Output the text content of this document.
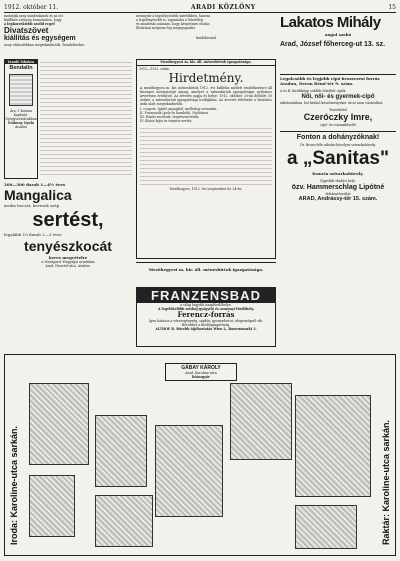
1912. október 11.	ARADI KÖZLÖNY	15
mutatják meg mindenkinek és az ott
kiállított szőnyeg bemutatása, hogy
a legkorrektebb szolid ecgef
Divatszövet
kiállítás és egységem
neuy választékban megtekinthetők. Rendelésekre
mennyisé a legelőnyösebb mértékben, hanem
a legelőnyösebb is, egymásba a lehetőleg
és mindenki számára, hogy kényelmes eladás
Elvárásai mégsem fog megnyugodni.
kiadóhivatal
Lakatos Mihály
angol szabó
Arad, József főherceg-ut 13. sz.
Izzadó lábakra
Bendalin
Ára: 1 korona
Kapható:
Gyógyszertárakban
Fraknoy Gyula
Aradon
200—300 darab 1—4½ éves
Mangalica
áruba bocsát, keresek szép
sertést,
legalább 10 darab 2—3 éves
tenyészkocát
keres megvételre
a Mezőgazd.-Hegyaljai uradalom
Arad, Honvéd-utca, Aradon.
Mezőhegyesi m. kir. áll. ménesbirtok igazgatósága.
1912—1922. szám.
Hirdetmény.
A mezőhegyesi m. kir. ménesbirtok 1912. évi kiállítás mellett rendelkezésre áll bizonyos mennyiségű anyag, amelyet a ménesbirtok igazgatósága nyilvános árverésen értékesít. Az árverés napja és helye: 1912. október 20-án délelőtt 10 órakor a ménesbirtok igazgatósági irodájában. Az árverés feltételei a hivatalos órák alatt megtekinthetők.
I. csoport: Igásló anyagból, mellesleg szerszám.
II. Fuvarozók (polo és kombók). Nyilvános
III. Hizott sertések, tenyészsertések.
IV. Közös fajta és tenyész sertés.
Mezőhegyes, 1912. évi szeptember hó 24-én.
Mezőhegyesi m. kir. áll. ménesbirtok igazgatósága.
FRANZENSBAD
a világ legjobb iszapfürdőhelye.
A legelőkelőbb szívbaj-gyógyító és asszonyi fürdőhely.
Ferencz-forrás
Igen hatásos a vérszegénység, sápkór, gyomorhurut, idegességnél stb.
Bővebbet a fürdőigazgatóság.
ALTHOF B. Bővebb tájékoztatás Wien I., Bauernmarkt 3.
Legolcsóbb és legjobb cipő beszerzési forrás Aradon, Deron Rémi-tér 9. szám.
A és B. kiváltképp sokféle felsőbőr cipők
Női, női- és gyermek-cipő
raktárunkban, hol kitűnő készítményeket olcsó áron vásárolhat.
Tisztelettel
Czeróczky Imre,
cipő- és csizmakészítő
Fonton a dohányzóknak!
Dr. Bruno-féle nikotin-hüvelyes szivarkahüvely.
a „Sanitas"
francia szivarkahüvely.
Egyedüli eladási hely:
özv. Hammerschlag Lipótné
dohánytőzsdéje
ARAD, Andrássy-tér 15. szám.
Iroda: Karoline-utca sarkán.	Raktár: Karoline-utca sarkán.
GÁBAY KÁROLY
Arad, Karoline-utca
bútorgyár
